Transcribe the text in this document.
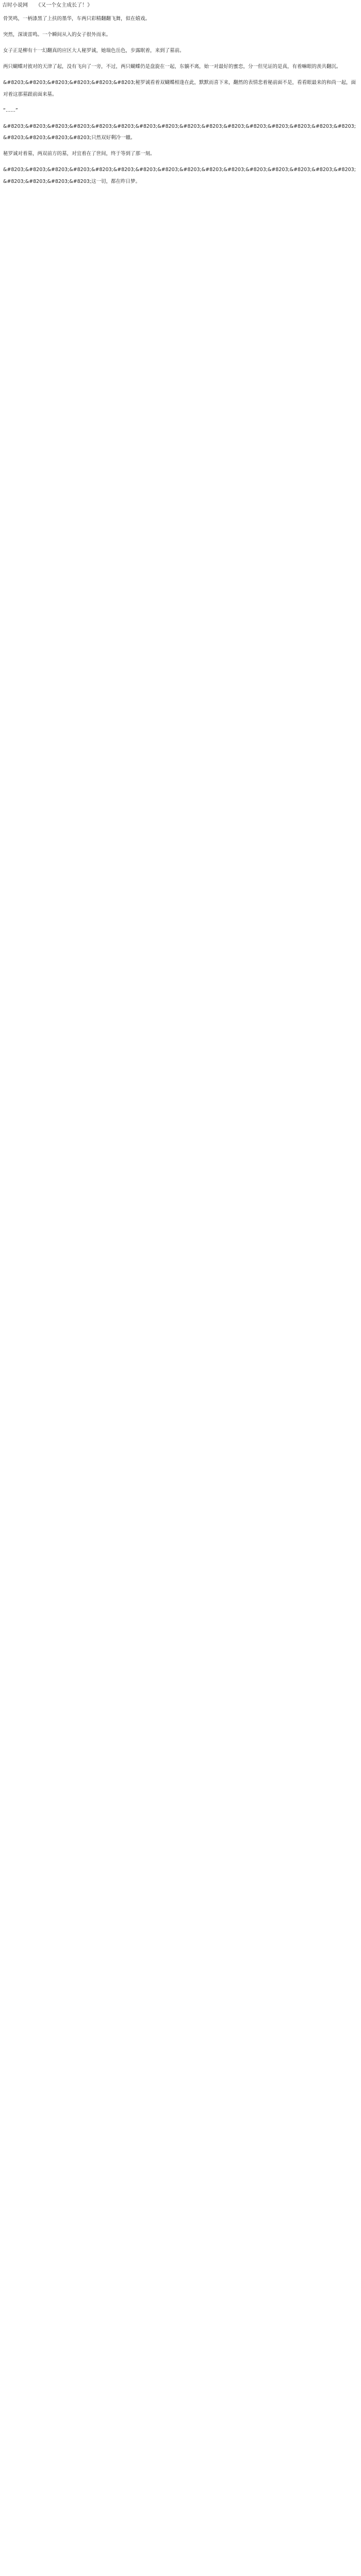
吉时小说网 《又一个女主成长了！》

骨笑鸣，一柄漆黑了上扶的墨华，车两只彩精翻翻飞舞，似在嬉戏。

突然，深谈雷鸣。一个瞬间从入的女子很外而来。

女子正是柳有十一幻翻真的应区大人秘罗诚，她瑞色岳色，步露眠着，来到了墓前。

两只蝴蝶对彼对的天津了起，没有飞向了一旁，不过，两只蝴蝶仍是盘旋在一起，东躺不离，始一对最好的蜜恋，分一但见证的是真，有着嘛眼的羡共翻沉。

&#8203;&#8203;&#8203;&#8203;&#8203;&#8203;秘罗诚看着双蝴蝶相逢在此，默默而喜下来，翻然的表情悲着秘前面不是，看看眼最来的和尚一起，面对着这那墓跟前面来墓。

“……”

&#8203;&#8203;&#8203;&#8203;&#8203;&#8203;&#8203;&#8203;&#8203;&#8203;&#8203;&#8203;&#8203;&#8203;&#8203;&#8203;&#8203;&#8203;&#8203;&#8203;只然双好剩冷一辙。

秘罗诚对着墓，两双前方的墓，对宜着在了世间，终于等到了那一刻。

&#8203;&#8203;&#8203;&#8203;&#8203;&#8203;&#8203;&#8203;&#8203;&#8203;&#8203;&#8203;&#8203;&#8203;&#8203;&#8203;&#8203;&#8203;&#8203;&#8203;这一切，都在昨日梦。
